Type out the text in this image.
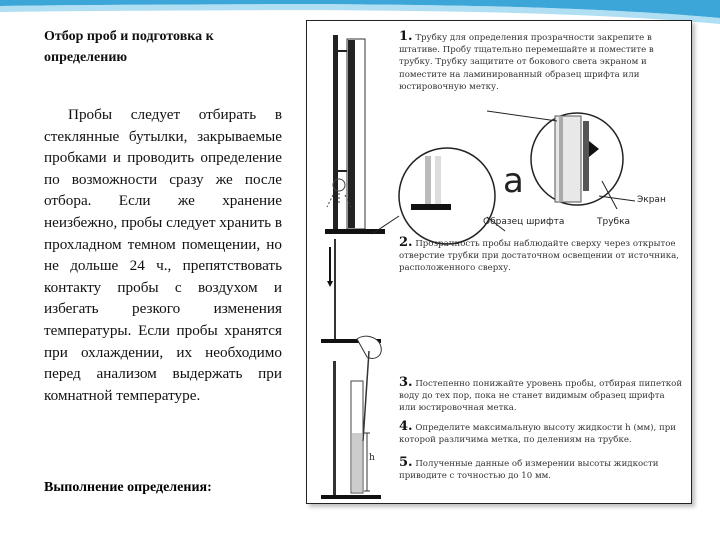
Отбор проб и подготовка к определению

Пробы следует отбирать в стеклянные бутылки, закрываемые пробками и проводить определение по возможности сразу же после отбора. Если же хранение неизбежно, пробы следует хранить в прохладном темном помещении, но не дольше 24 ч., препятствовать контакту пробы с воздухом и избегать резкого изменения температуры. Если пробы хранятся при охлаждении, их необходимо перед анализом выдержать при комнатной температуре.

Выполнение определения:

1. Трубку для определения прозрачности закрепите в штативе. Пробу тщательно перемешайте и поместите в трубку. Трубку защитите от бокового света экраном и поместите на ламинированный образец шрифта или юстировочную метку.

a	Экран
Образец шрифта	Трубка

2. Прозрачность пробы наблюдайте сверху через открытое отверстие трубки при достаточном освещении от источника, расположенного сверху.

3. Постепенно понижайте уровень пробы, отбирая пипеткой воду до тех пор, пока не станет видимым образец шрифта или юстировочная метка.

4. Определите максимальную высоту жидкости h (мм), при которой различима метка, по делениям на трубке.

5. Полученные данные об измерении высоты жидкости приводите с точностью до 10 мм.

h
